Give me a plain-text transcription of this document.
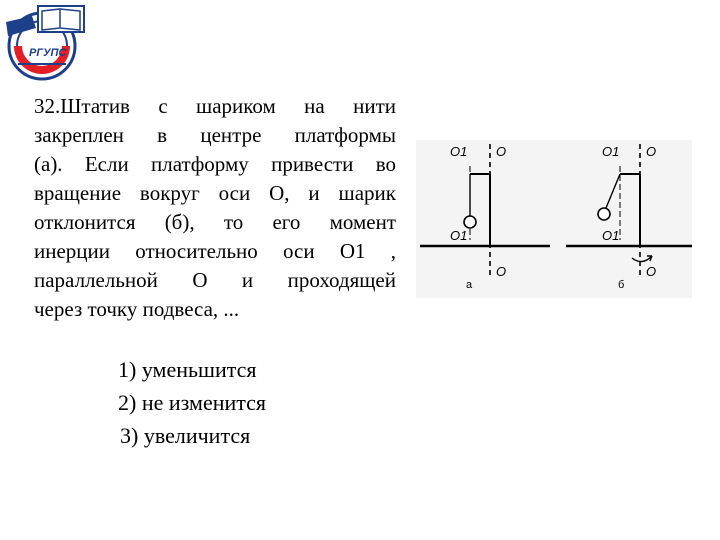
РГУПС
32.Штатив с шариком на нити
закреплен в центре платформы
(а). Если платформу привести во
вращение вокруг оси О, и шарик
отклонится (б), то его момент
инерции относительно оси О1 ,
параллельной О и проходящей
через точку подвеса, ...
1) уменьшится
2) не изменится
3) увеличится
O1 O
O1
O
а
O1 O
O1
O
б
